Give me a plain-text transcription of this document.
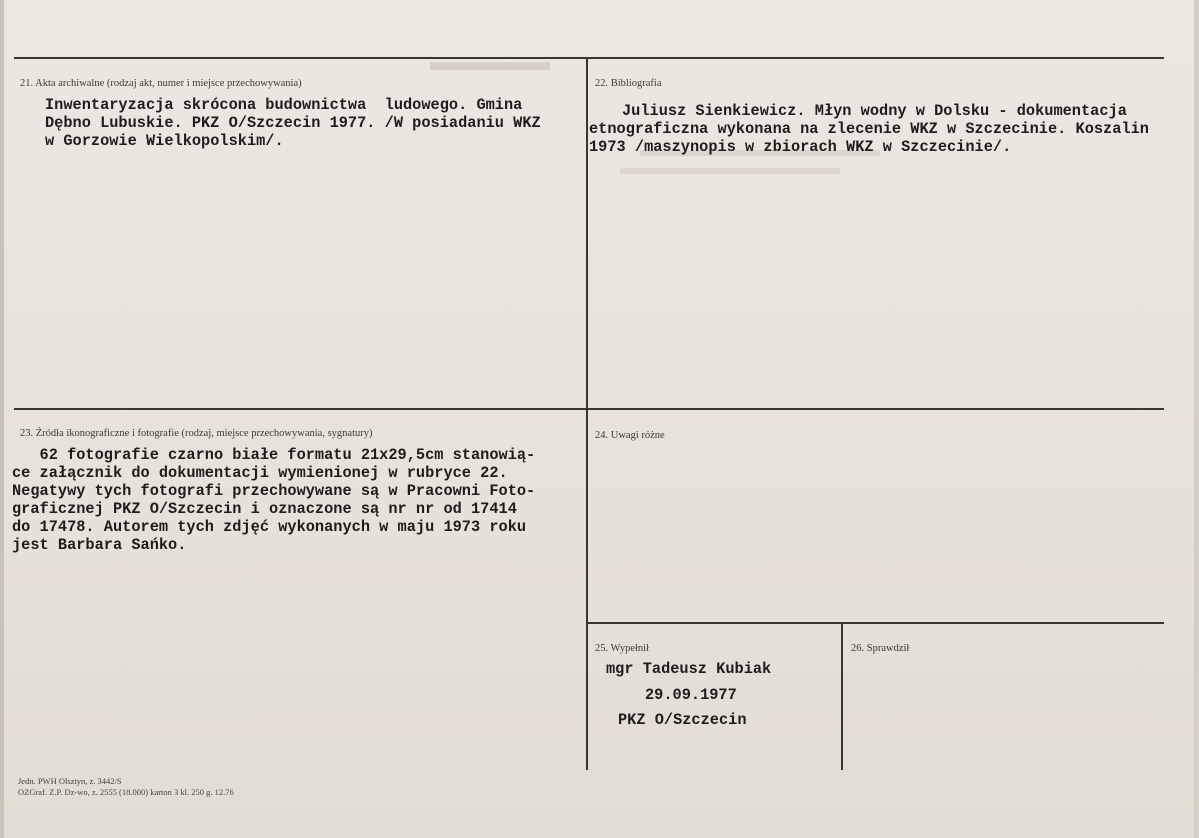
21. Akta archiwalne (rodzaj akt, numer i miejsce przechowywania)
Inwentaryzacja skrócona budownictwa  ludowego. Gmina
Dębno Lubuskie. PKZ O/Szczecin 1977. /W posiadaniu WKZ
w Gorzowie Wielkopolskim/.
22. Bibliografia
Juliusz Sienkiewicz. Młyn wodny w Dolsku - dokumentacja
etnograficzna wykonana na zlecenie WKZ w Szczecinie. Koszalin
1973 /maszynopis w zbiorach WKZ w Szczecinie/.
23. Źródła ikonograficzne i fotografie (rodzaj, miejsce przechowywania, sygnatury)
62 fotografie czarno białe formatu 21x29,5cm stanowią-
ce załącznik do dokumentacji wymienionej w rubryce 22.
Negatywy tych fotografi przechowywane są w Pracowni Foto-
graficznej PKZ O/Szczecin i oznaczone są nr nr od 17414
do 17478. Autorem tych zdjęć wykonanych w maju 1973 roku
jest Barbara Sańko.
24. Uwagi różne
25. Wypełnił
mgr Tadeusz Kubiak
29.09.1977
PKZ O/Szczecin
26. Sprawdził
Jedn. PWH Olsztyn, z. 3442/S
OZGraf. Z.P. Dz-wo, z. 2555 (18.000) karton 3 kl. 250 g. 12.76
